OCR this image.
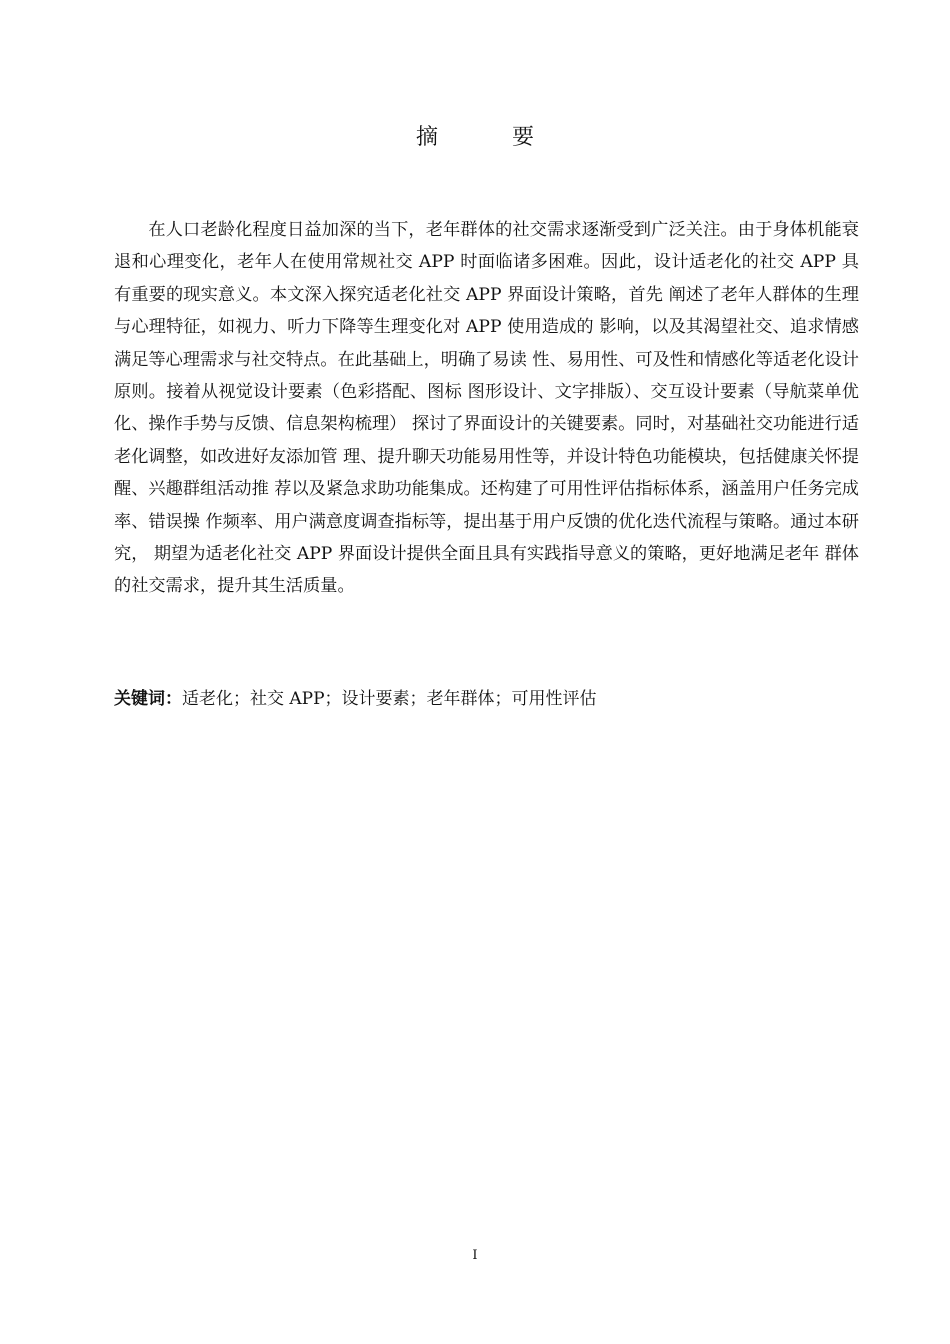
摘　要

在人口老龄化程度日益加深的当下，老年群体的社交需求逐渐受到广泛关注。由于身体机能衰退和心理变化，老年人在使用常规社交 APP 时面临诸多困难。因此，设计适老化的社交 APP 具有重要的现实意义。本文深入探究适老化社交 APP 界面设计策略，首先 阐述了老年人群体的生理与心理特征，如视力、听力下降等生理变化对 APP 使用造成的 影响，以及其渴望社交、追求情感满足等心理需求与社交特点。在此基础上，明确了易读 性、易用性、可及性和情感化等适老化设计原则。接着从视觉设计要素（色彩搭配、图标 图形设计、文字排版）、交互设计要素（导航菜单优化、操作手势与反馈、信息架构梳理） 探讨了界面设计的关键要素。同时，对基础社交功能进行适老化调整，如改进好友添加管 理、提升聊天功能易用性等，并设计特色功能模块，包括健康关怀提醒、兴趣群组活动推 荐以及紧急求助功能集成。还构建了可用性评估指标体系，涵盖用户任务完成率、错误操 作频率、用户满意度调查指标等，提出基于用户反馈的优化迭代流程与策略。通过本研究， 期望为适老化社交 APP 界面设计提供全面且具有实践指导意义的策略，更好地满足老年 群体的社交需求，提升其生活质量。

关键词：适老化；社交 APP；设计要素；老年群体；可用性评估

I
